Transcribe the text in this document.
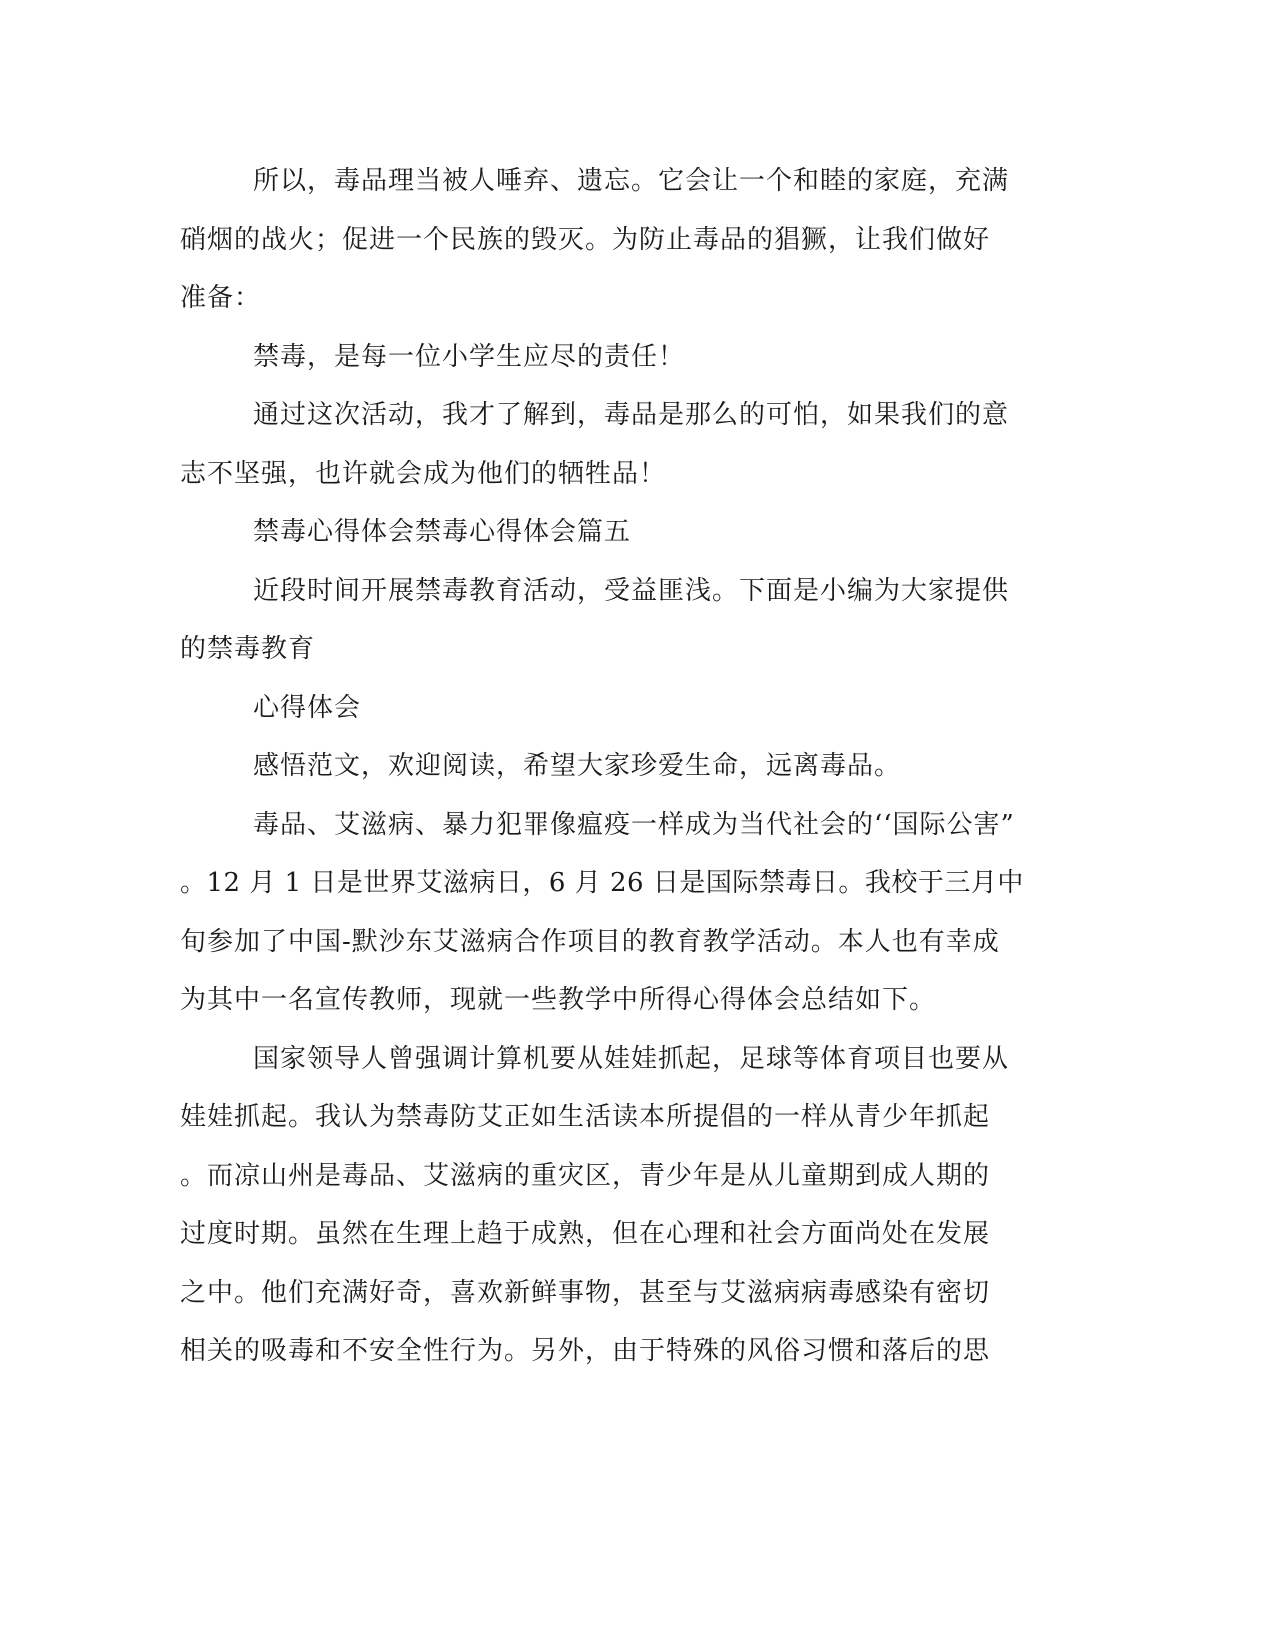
所以，毒品理当被人唾弃、遗忘。它会让一个和睦的家庭，充满
硝烟的战火；促进一个民族的毁灭。为防止毒品的猖獗，让我们做好
准备：
禁毒，是每一位小学生应尽的责任！
通过这次活动，我才了解到，毒品是那么的可怕，如果我们的意
志不坚强，也许就会成为他们的牺牲品！
禁毒心得体会禁毒心得体会篇五
近段时间开展禁毒教育活动，受益匪浅。下面是小编为大家提供
的禁毒教育
心得体会
感悟范文，欢迎阅读，希望大家珍爱生命，远离毒品。
毒品、艾滋病、暴力犯罪像瘟疫一样成为当代社会的‘‘国际公害”
。12 月 1 日是世界艾滋病日，6 月 26 日是国际禁毒日。我校于三月中
旬参加了中国-默沙东艾滋病合作项目的教育教学活动。本人也有幸成
为其中一名宣传教师，现就一些教学中所得心得体会总结如下。
国家领导人曾强调计算机要从娃娃抓起，足球等体育项目也要从
娃娃抓起。我认为禁毒防艾正如生活读本所提倡的一样从青少年抓起
。而凉山州是毒品、艾滋病的重灾区，青少年是从儿童期到成人期的
过度时期。虽然在生理上趋于成熟，但在心理和社会方面尚处在发展
之中。他们充满好奇，喜欢新鲜事物，甚至与艾滋病病毒感染有密切
相关的吸毒和不安全性行为。另外，由于特殊的风俗习惯和落后的思
